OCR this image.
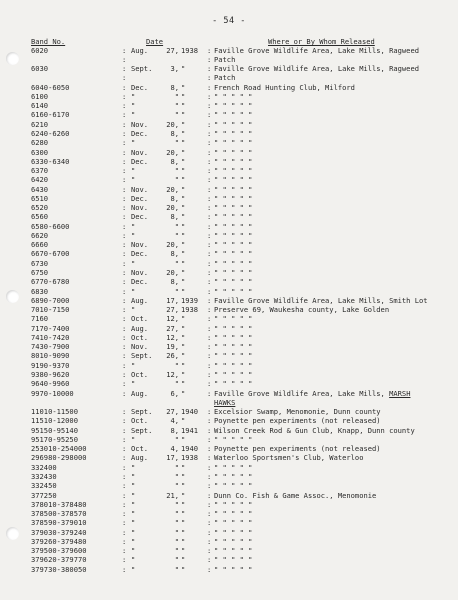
- 54 -
Band No.	Date	Where or By Whom Released
6020	: Aug.	27, 1938 : Faville Grove Wildlife Area, Lake Mills, Ragweed
:	: Patch
6030	: Sept.	3, "	: Faville Grove Wildlife Area, Lake Mills, Ragweed
:	: Patch
6040-6050	: Dec.	8, "	: French Road Hunting Club, Milford
6100	: "	" "	: " " " " "
6140	: "	" "	: " " " " "
6160-6170	: "	" "	: " " " " "
6210	: Nov.	20, "	: " " " " "
6240-6260	: Dec.	8, "	: " " " " "
6280	: "	" "	: " " " " "
6300	: Nov.	20, "	: " " " " "
6330-6340	: Dec.	8, "	: " " " " "
6370	: "	" "	: " " " " "
6420	: "	" "	: " " " " "
6430	: Nov.	20, "	: " " " " "
6510	: Dec.	8, "	: " " " " "
6520	: Nov.	20, "	: " " " " "
6560	: Dec.	8, "	: " " " " "
6580-6600	: "	" "	: " " " " "
6620	: "	" "	: " " " " "
6660	: Nov.	20, "	: " " " " "
6670-6700	: Dec.	8, "	: " " " " "
6730	: "	" "	: " " " " "
6750	: Nov.	20, "	: " " " " "
6770-6780	: Dec.	8, "	: " " " " "
6830	: "	" "	: " " " " "
6890-7000	: Aug.	17, 1939 : Faville Grove Wildlife Area, Lake Mills, Smith Lot
7010-7150	: "	27, 1938 : Preserve 69, Waukesha county, Lake Golden
7160	: Oct.	12, "	: " " " " "
7170-7400	: Aug.	27, "	: " " " " "
7410-7420	: Oct.	12, "	: " " " " "
7430-7900	: Nov.	19, "	: " " " " "
8010-9090	: Sept.	26, "	: " " " " "
9190-9370	: "	" "	: " " " " "
9380-9620	: Oct.	12, "	: " " " " "
9640-9960	: "	" "	: " " " " "
9970-10000	: Aug.	6, "	: Faville Grove Wildlife Area, Lake Mills, MARSH
HAWKS
11010-11500	: Sept.	27, 1940 : Excelsior Swamp, Menomonie, Dunn county
11510-12000	: Oct.	4, "	: Poynette pen experiments (not released)
95150-95140	: Sept.	8, 1941 : Wilson Creek Rod & Gun Club, Knapp, Dunn county
95170-95250	: "	" "	: " " " " "
253010-254000	: Oct.	4, 1940 : Poynette pen experiments (not released)
296980-298000	: Aug.	17, 1938 : Waterloo Sportsmen's Club, Waterloo
332400	: "	" "	: " " " " "
332430	: "	" "	: " " " " "
332450	: "	" "	: " " " " "
377250	: "	21, "	: Dunn Co. Fish & Game Assoc., Menomonie
378010-378480	: "	" "	: " " " " "
378500-378570	: "	" "	: " " " " "
378590-379010	: "	" "	: " " " " "
379030-379240	: "	" "	: " " " " "
379260-379480	: "	" "	: " " " " "
379500-379600	: "	" "	: " " " " "
379620-379770	: "	" "	: " " " " "
379730-380050	: "	" "	: " " " " "
